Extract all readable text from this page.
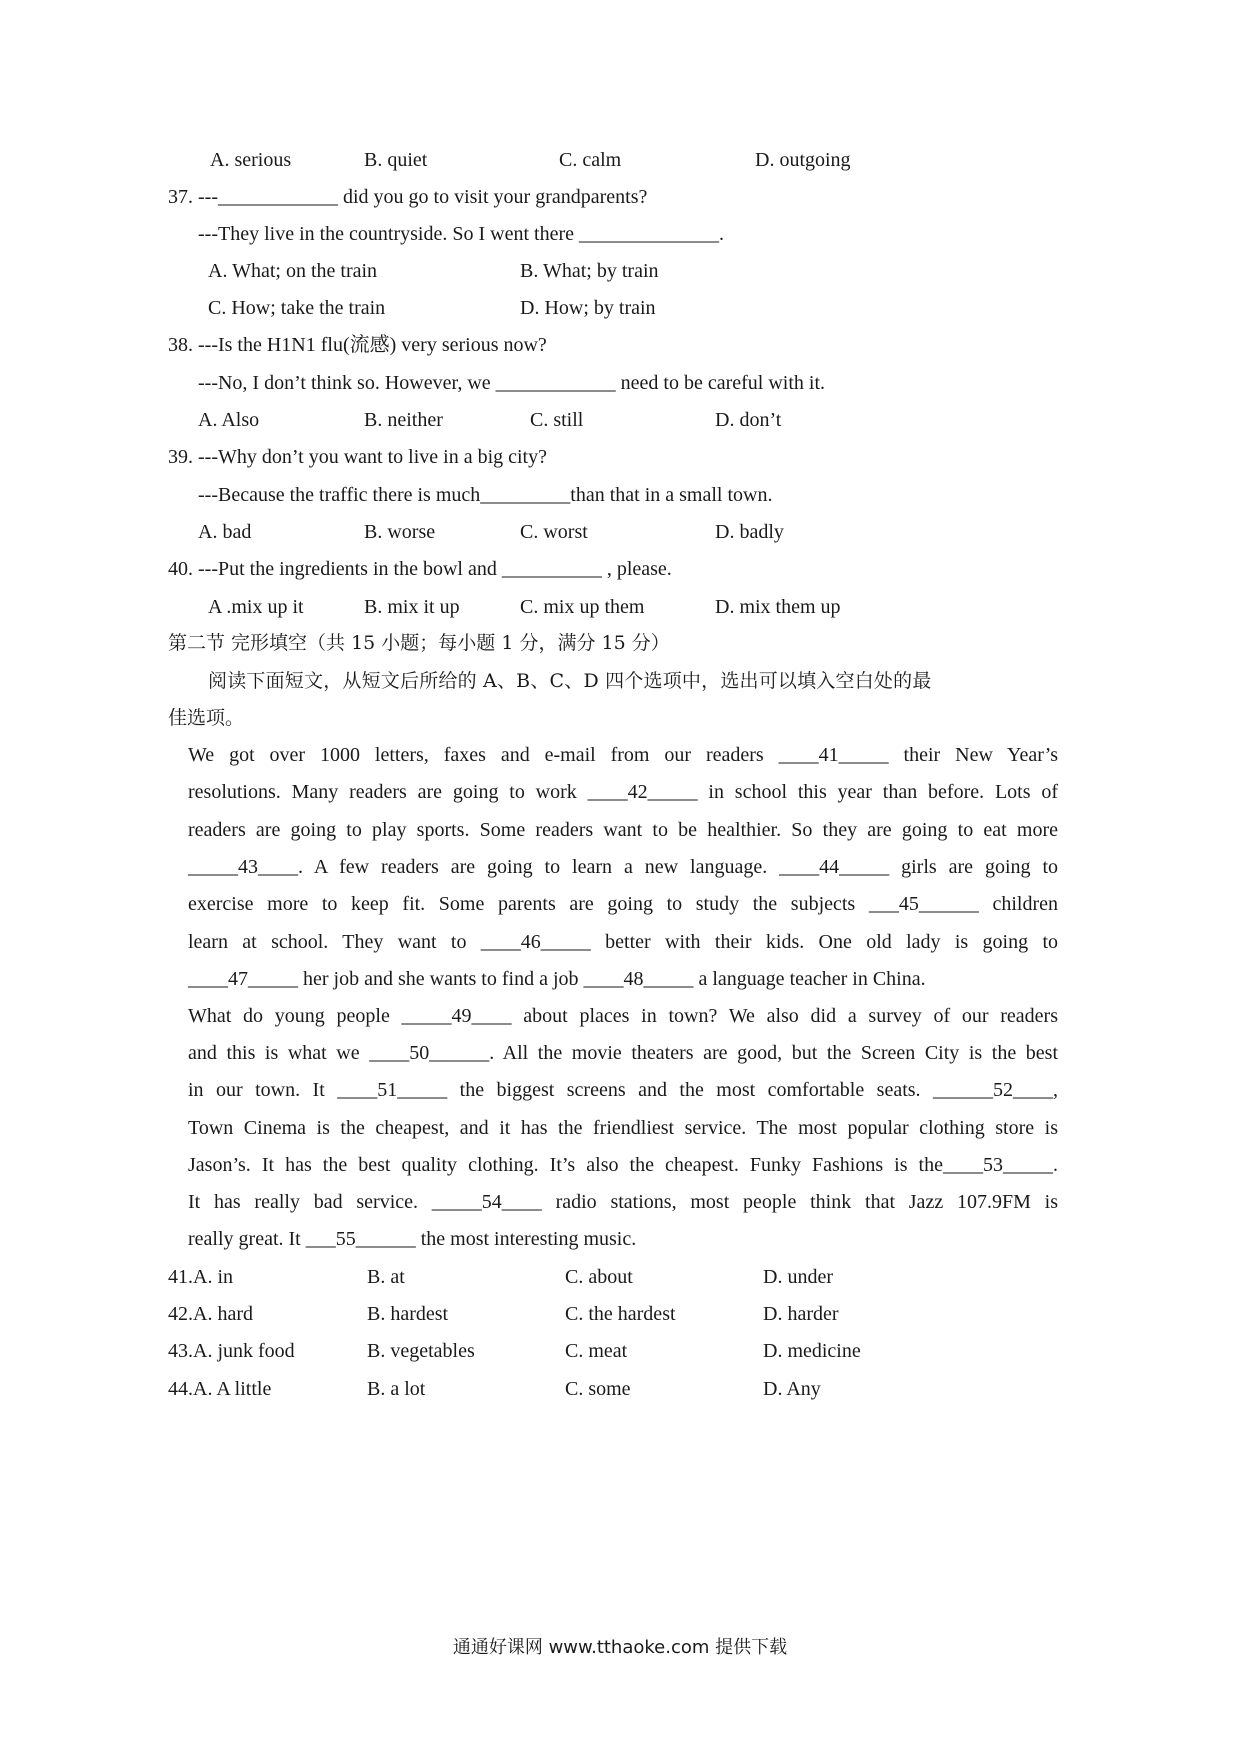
A. serious	B. quiet	C. calm	D. outgoing
37. ---____________ did you go to visit your grandparents?
---They live in the countryside. So I went there ______________.
A. What; on the train	B. What; by train
C. How; take the train	D. How; by train
38. ---Is the H1N1 flu(流感) very serious now?
---No, I don’t think so. However, we ____________ need to be careful with it.
A. Also	B. neither	C. still	D. don’t
39. ---Why don’t you want to live in a big city?
---Because the traffic there is much_________than that in a small town.
A. bad	B. worse	C. worst	D. badly
40. ---Put the ingredients in the bowl and __________ , please.
A .mix up it	B. mix it up	C. mix up them	D. mix them up
第二节 完形填空（共 15 小题；每小题 1 分，满分 15 分）
阅读下面短文，从短文后所给的 A、B、C、D 四个选项中，选出可以填入空白处的最
佳选项。
We got over 1000 letters, faxes and e-mail from our readers ____41_____ their New Year’s
resolutions. Many readers are going to work ____42_____ in school this year than before. Lots of
readers are going to play sports. Some readers want to be healthier. So they are going to eat more
_____43____. A few readers are going to learn a new language. ____44_____ girls are going to
exercise more to keep fit. Some parents are going to study the subjects ___45______ children
learn at school. They want to ____46_____ better with their kids. One old lady is going to
____47_____ her job and she wants to find a job ____48_____ a language teacher in China.
What do young people _____49____ about places in town? We also did a survey of our readers
and this is what we ____50______. All the movie theaters are good, but the Screen City is the best
in our town. It ____51_____ the biggest screens and the most comfortable seats. ______52____,
Town Cinema is the cheapest, and it has the friendliest service. The most popular clothing store is
Jason’s. It has the best quality clothing. It’s also the cheapest. Funky Fashions is the____53_____.
It has really bad service. _____54____ radio stations, most people think that Jazz 107.9FM is
really great. It ___55______ the most interesting music.
41.A. in	B. at	C. about	D. under
42.A. hard	B. hardest	C. the hardest	D. harder
43.A. junk food	B. vegetables	C. meat	D. medicine
44.A. A little	B. a lot	C. some	D. Any
通通好课网 www.tthaoke.com 提供下载
